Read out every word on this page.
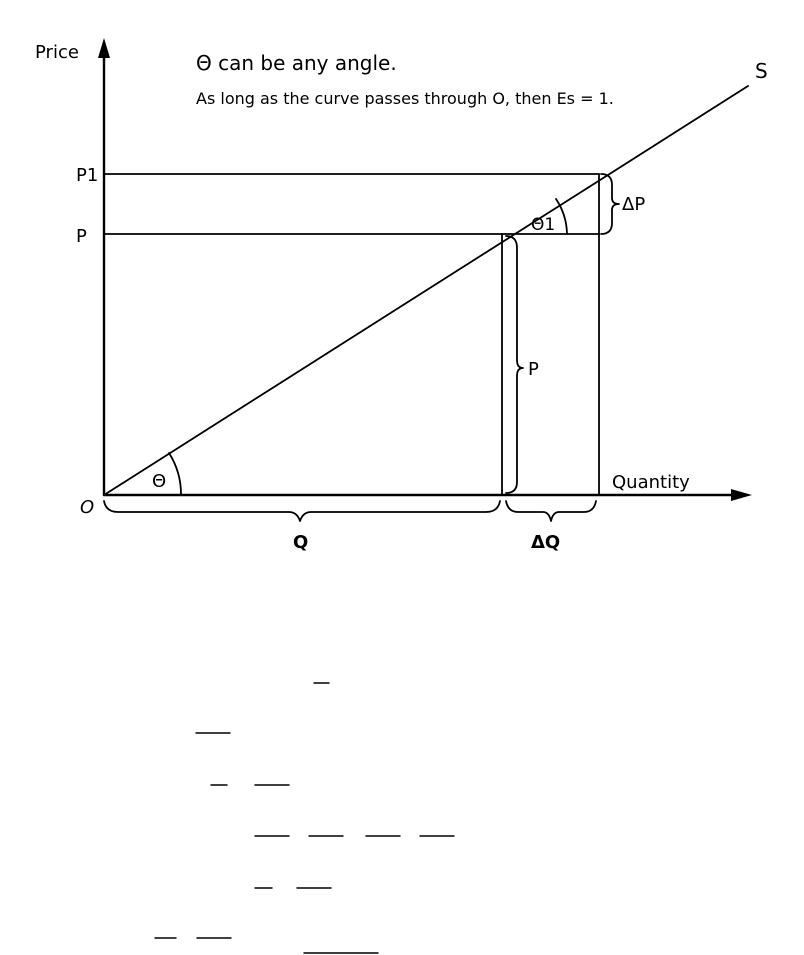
Price
Quantity
O
Θ can be any angle.
As long as the curve passes through O, then Es = 1.
S
P1
P
Θ
Θ1
ΔP
P
Q	ΔQ
